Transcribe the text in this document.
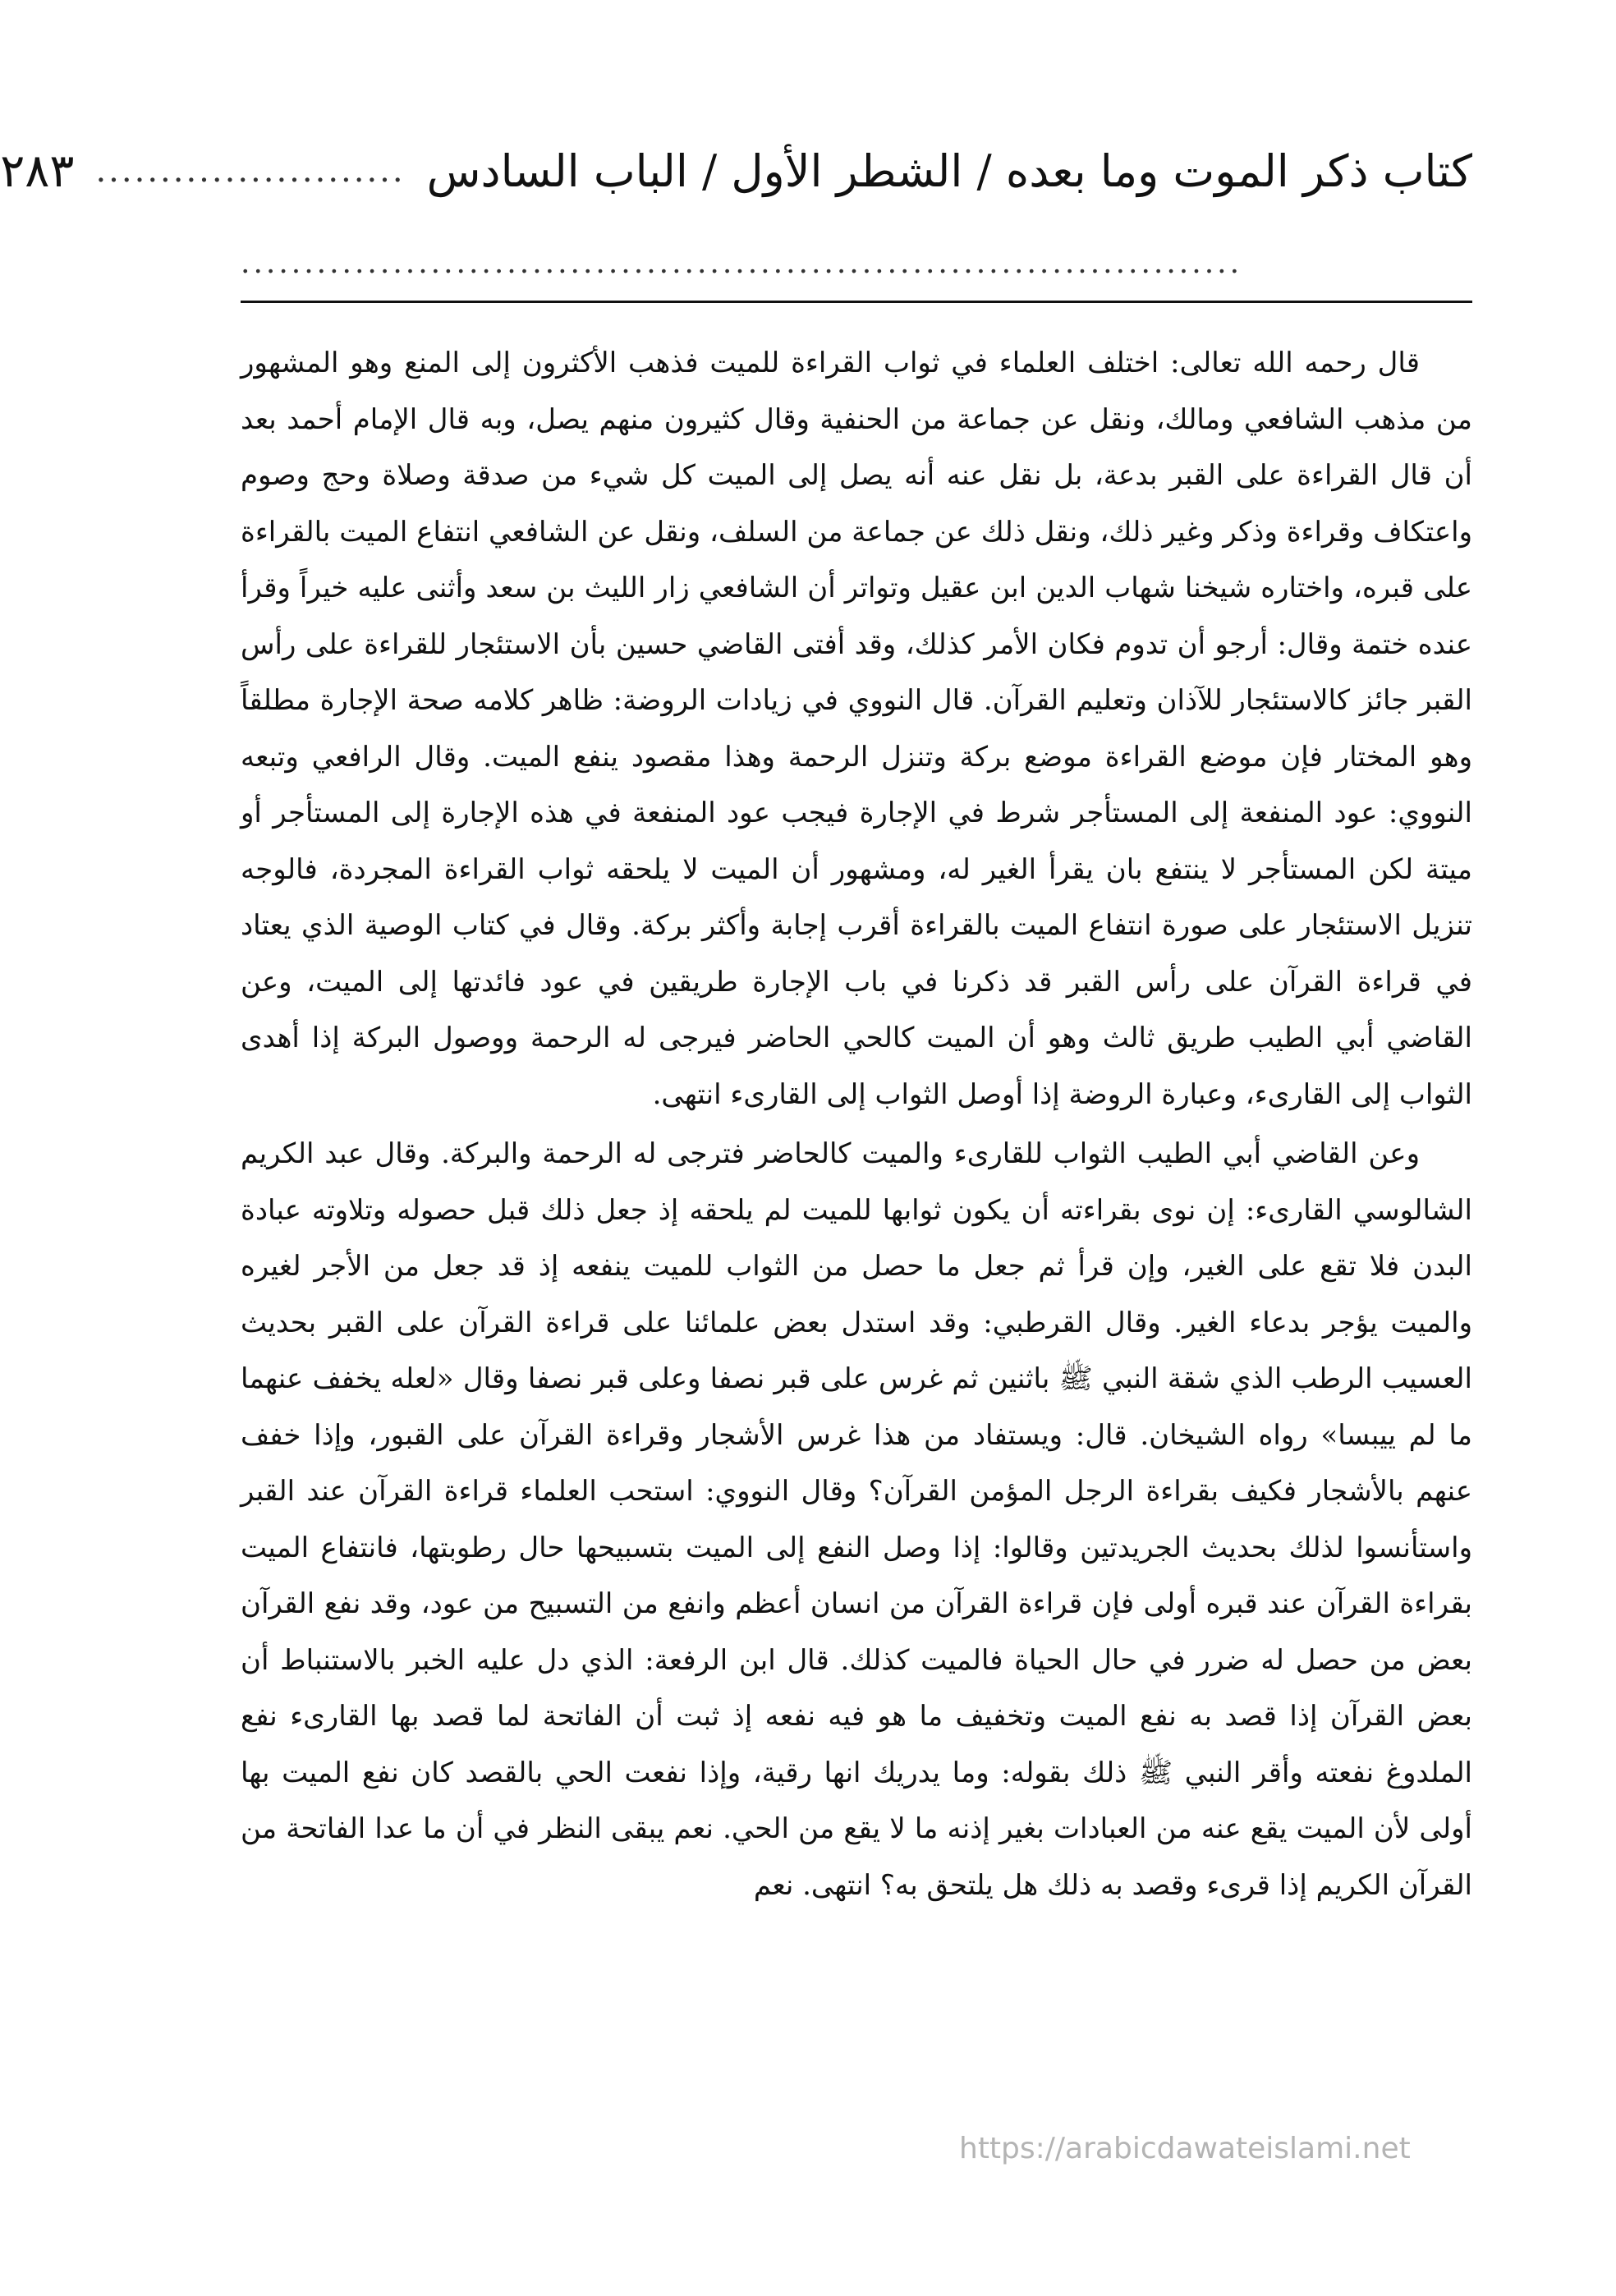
كتاب ذكر الموت وما بعده / الشطر الأول / الباب السادس
........................
٢٨٣
...............................................................................

قال رحمه الله تعالى: اختلف العلماء في ثواب القراءة للميت فذهب الأكثرون إلى المنع وهو المشهور من مذهب الشافعي ومالك، ونقل عن جماعة من الحنفية وقال كثيرون منهم يصل، وبه قال الإمام أحمد بعد أن قال القراءة على القبر بدعة، بل نقل عنه أنه يصل إلى الميت كل شيء من صدقة وصلاة وحج وصوم واعتكاف وقراءة وذكر وغير ذلك، ونقل ذلك عن جماعة من السلف، ونقل عن الشافعي انتفاع الميت بالقراءة على قبره، واختاره شيخنا شهاب الدين ابن عقيل وتواتر أن الشافعي زار الليث بن سعد وأثنى عليه خيراً وقرأ عنده ختمة وقال: أرجو أن تدوم فكان الأمر كذلك، وقد أفتى القاضي حسين بأن الاستئجار للقراءة على رأس القبر جائز كالاستئجار للآذان وتعليم القرآن. قال النووي في زيادات الروضة: ظاهر كلامه صحة الإجارة مطلقاً وهو المختار فإن موضع القراءة موضع بركة وتنزل الرحمة وهذا مقصود ينفع الميت. وقال الرافعي وتبعه النووي: عود المنفعة إلى المستأجر شرط في الإجارة فيجب عود المنفعة في هذه الإجارة إلى المستأجر أو ميتة لكن المستأجر لا ينتفع بان يقرأ الغير له، ومشهور أن الميت لا يلحقه ثواب القراءة المجردة، فالوجه تنزيل الاستئجار على صورة انتفاع الميت بالقراءة أقرب إجابة وأكثر بركة. وقال في كتاب الوصية الذي يعتاد في قراءة القرآن على رأس القبر قد ذكرنا في باب الإجارة طريقين في عود فائدتها إلى الميت، وعن القاضي أبي الطيب طريق ثالث وهو أن الميت كالحي الحاضر فيرجى له الرحمة ووصول البركة إذا أهدى الثواب إلى القارىء، وعبارة الروضة إذا أوصل الثواب إلى القارىء انتهى.

وعن القاضي أبي الطيب الثواب للقارىء والميت كالحاضر فترجى له الرحمة والبركة. وقال عبد الكريم الشالوسي القارىء: إن نوى بقراءته أن يكون ثوابها للميت لم يلحقه إذ جعل ذلك قبل حصوله وتلاوته عبادة البدن فلا تقع على الغير، وإن قرأ ثم جعل ما حصل من الثواب للميت ينفعه إذ قد جعل من الأجر لغيره والميت يؤجر بدعاء الغير. وقال القرطبي: وقد استدل بعض علمائنا على قراءة القرآن على القبر بحديث العسيب الرطب الذي شقة النبي ﷺ باثنين ثم غرس على قبر نصفا وعلى قبر نصفا وقال «لعله يخفف عنهما ما لم ييبسا» رواه الشيخان. قال: ويستفاد من هذا غرس الأشجار وقراءة القرآن على القبور، وإذا خفف عنهم بالأشجار فكيف بقراءة الرجل المؤمن القرآن؟ وقال النووي: استحب العلماء قراءة القرآن عند القبر واستأنسوا لذلك بحديث الجريدتين وقالوا: إذا وصل النفع إلى الميت بتسبيحها حال رطوبتها، فانتفاع الميت بقراءة القرآن عند قبره أولى فإن قراءة القرآن من انسان أعظم وانفع من التسبيح من عود، وقد نفع القرآن بعض من حصل له ضرر في حال الحياة فالميت كذلك. قال ابن الرفعة: الذي دل عليه الخبر بالاستنباط أن بعض القرآن إذا قصد به نفع الميت وتخفيف ما هو فيه نفعه إذ ثبت أن الفاتحة لما قصد بها القارىء نفع الملدوغ نفعته وأقر النبي ﷺ ذلك بقوله: وما يدريك انها رقية، وإذا نفعت الحي بالقصد كان نفع الميت بها أولى لأن الميت يقع عنه من العبادات بغير إذنه ما لا يقع من الحي. نعم يبقى النظر في أن ما عدا الفاتحة من القرآن الكريم إذا قرىء وقصد به ذلك هل يلتحق به؟ انتهى. نعم

https://arabicdawateislami.net
